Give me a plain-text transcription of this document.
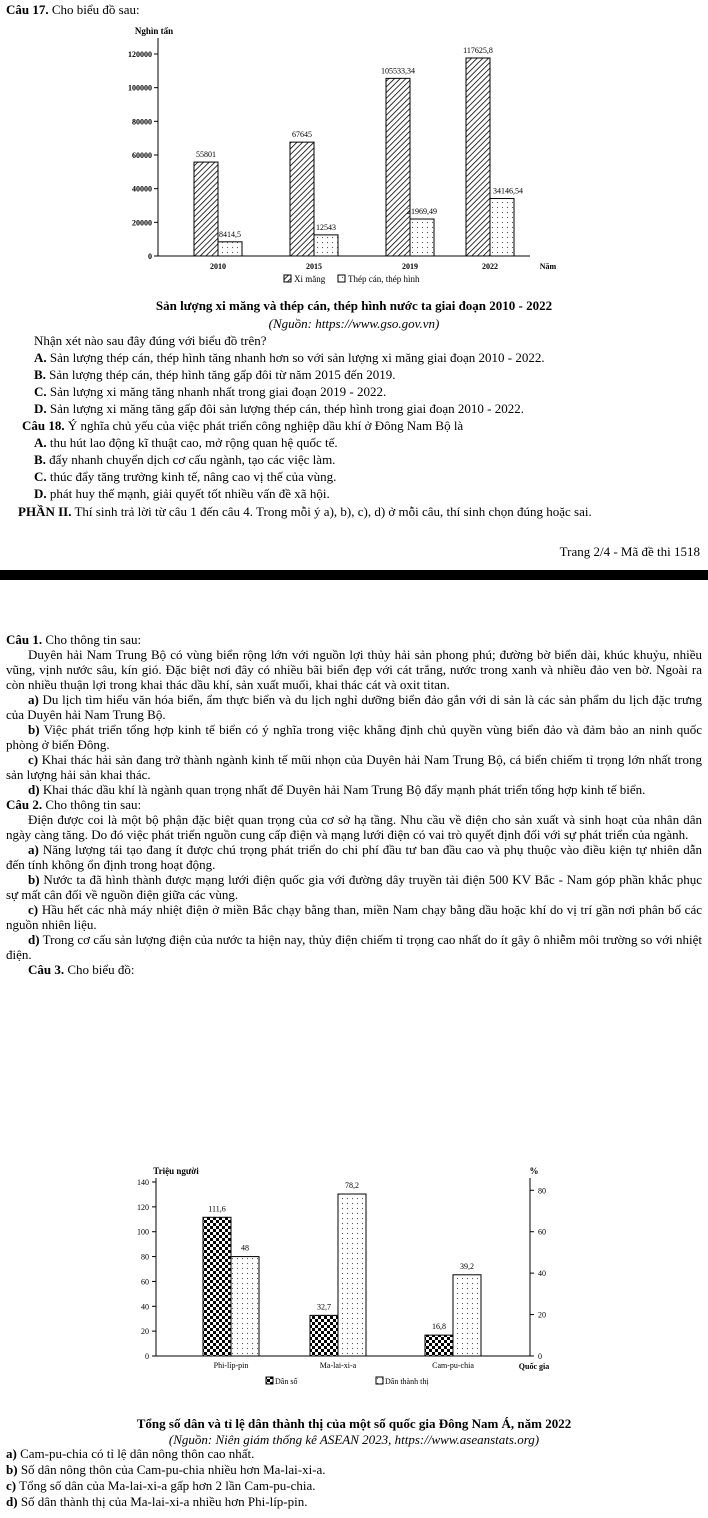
Câu 17. Cho biểu đồ sau:
Nghìn tấn
0
20000
40000
60000
80000
100000
120000
2010
55801
8414,5
2015
67645
12543
2019
105533,34
21969,49
2022
117625,8
34146,54
Năm
Xi măng	Thép cán, thép hình
Sản lượng xi măng và thép cán, thép hình nước ta giai đoạn 2010 - 2022
(Nguồn: https://www.gso.gov.vn)
Nhận xét nào sau đây đúng với biểu đồ trên?
A. Sản lượng thép cán, thép hình tăng nhanh hơn so với sản lượng xi măng giai đoạn 2010 - 2022.
B. Sản lượng thép cán, thép hình tăng gấp đôi từ năm 2015 đến 2019.
C. Sản lượng xi măng tăng nhanh nhất trong giai đoạn 2019 - 2022.
D. Sản lượng xi măng tăng gấp đôi sản lượng thép cán, thép hình trong giai đoạn 2010 - 2022.
Câu 18. Ý nghĩa chủ yếu của việc phát triển công nghiệp dầu khí ở Đông Nam Bộ là
A. thu hút lao động kĩ thuật cao, mở rộng quan hệ quốc tế.
B. đẩy nhanh chuyển dịch cơ cấu ngành, tạo các việc làm.
C. thúc đẩy tăng trưởng kinh tế, nâng cao vị thế của vùng.
D. phát huy thế mạnh, giải quyết tốt nhiều vấn đề xã hội.
PHẦN II. Thí sinh trả lời từ câu 1 đến câu 4. Trong mỗi ý a), b), c), d) ở mỗi câu, thí sinh chọn đúng hoặc sai.
Trang 2/4 - Mã đề thi 1518
Câu 1. Cho thông tin sau:
Duyên hải Nam Trung Bộ có vùng biển rộng lớn với nguồn lợi thủy hải sản phong phú; đường bờ biển dài, khúc khuỷu, nhiều vũng, vịnh nước sâu, kín gió. Đặc biệt nơi đây có nhiều bãi biển đẹp với cát trắng, nước trong xanh và nhiều đảo ven bờ. Ngoài ra còn nhiều thuận lợi trong khai thác dầu khí, sản xuất muối, khai thác cát và oxit titan.
a) Du lịch tìm hiểu văn hóa biển, ẩm thực biển và du lịch nghỉ dưỡng biển đảo gắn với di sản là các sản phẩm du lịch đặc trưng của Duyên hải Nam Trung Bộ.
b) Việc phát triển tổng hợp kinh tế biển có ý nghĩa trong việc khẳng định chủ quyền vùng biển đảo và đảm bảo an ninh quốc phòng ở biển Đông.
c) Khai thác hải sản đang trở thành ngành kinh tế mũi nhọn của Duyên hải Nam Trung Bộ, cá biển chiếm tỉ trọng lớn nhất trong sản lượng hải sản khai thác.
d) Khai thác dầu khí là ngành quan trọng nhất để Duyên hải Nam Trung Bộ đẩy mạnh phát triển tổng hợp kinh tế biển.
Câu 2. Cho thông tin sau:
Điện được coi là một bộ phận đặc biệt quan trọng của cơ sở hạ tầng. Nhu cầu về điện cho sản xuất và sinh hoạt của nhân dân ngày càng tăng. Do đó việc phát triển nguồn cung cấp điện và mạng lưới điện có vai trò quyết định đối với sự phát triển của ngành.
a) Năng lượng tái tạo đang ít được chú trọng phát triển do chi phí đầu tư ban đầu cao và phụ thuộc vào điều kiện tự nhiên dẫn đến tính không ổn định trong hoạt động.
b) Nước ta đã hình thành được mạng lưới điện quốc gia với đường dây truyền tải điện 500 KV Bắc - Nam góp phần khắc phục sự mất cân đối về nguồn điện giữa các vùng.
c) Hầu hết các nhà máy nhiệt điện ở miền Bắc chạy bằng than, miền Nam chạy bằng dầu hoặc khí do vị trí gần nơi phân bố các nguồn nhiên liệu.
d) Trong cơ cấu sản lượng điện của nước ta hiện nay, thủy điện chiếm tỉ trọng cao nhất do ít gây ô nhiễm môi trường so với nhiệt điện.
Câu 3. Cho biểu đồ:
Triệu người	%
0
20
40
60
80
100
120
140
0
20
40
60
80
111,6
48
Phi-líp-pin
32,7
78,2
Ma-lai-xi-a
16,8
39,2
Cam-pu-chia	Quốc gia
Dân số	Dân thành thị
Tổng số dân và tỉ lệ dân thành thị của một số quốc gia Đông Nam Á, năm 2022
(Nguồn: Niên giám thống kê ASEAN 2023, https://www.aseanstats.org)
a) Cam-pu-chia có tỉ lệ dân nông thôn cao nhất.
b) Số dân nông thôn của Cam-pu-chia nhiều hơn Ma-lai-xi-a.
c) Tổng số dân của Ma-lai-xi-a gấp hơn 2 lần Cam-pu-chia.
d) Số dân thành thị của Ma-lai-xi-a nhiều hơn Phi-líp-pin.
